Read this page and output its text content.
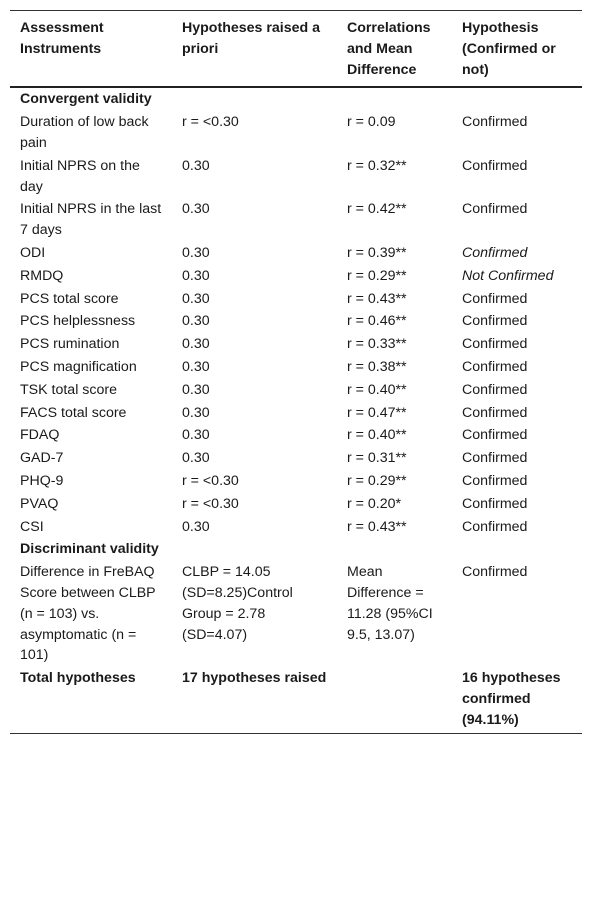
Assessment Instruments	Hypotheses raised a priori	Correlations and Mean Difference	Hypothesis (Confirmed or not)
Convergent validity			
Duration of low back pain	r = <0.30	r = 0.09	Confirmed
Initial NPRS on the day	0.30	r = 0.32**	Confirmed
Initial NPRS in the last 7 days	0.30	r = 0.42**	Confirmed
ODI	0.30	r = 0.39**	Confirmed
RMDQ	0.30	r = 0.29**	Not Confirmed
PCS total score	0.30	r = 0.43**	Confirmed
PCS helplessness	0.30	r = 0.46**	Confirmed
PCS rumination	0.30	r = 0.33**	Confirmed
PCS magnification	0.30	r = 0.38**	Confirmed
TSK total score	0.30	r = 0.40**	Confirmed
FACS total score	0.30	r = 0.47**	Confirmed
FDAQ	0.30	r = 0.40**	Confirmed
GAD-7	0.30	r = 0.31**	Confirmed
PHQ-9	r = <0.30	r = 0.29**	Confirmed
PVAQ	r = <0.30	r = 0.20*	Confirmed
CSI	0.30	r = 0.43**	Confirmed
Discriminant validity			
Difference in FreBAQ Score between CLBP (n = 103) vs. asymptomatic (n = 101)	CLBP = 14.05 (SD=8.25)Control Group = 2.78 (SD=4.07)	Mean Difference = 11.28 (95%CI 9.5, 13.07)	Confirmed
Total hypotheses	17 hypotheses raised		16 hypotheses confirmed (94.11%)
